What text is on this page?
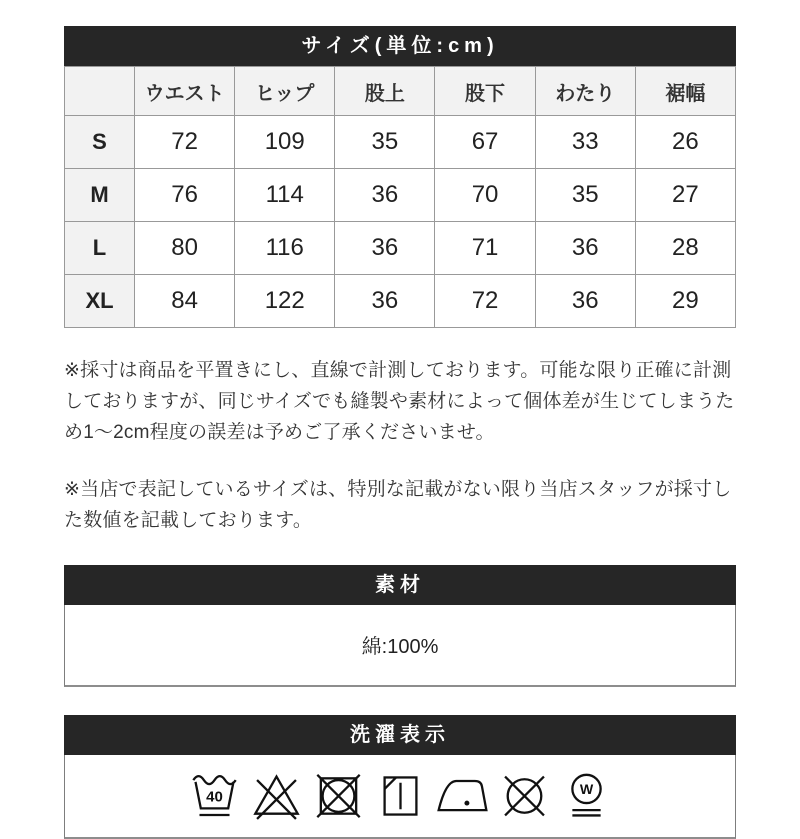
サイズ(単位:cm)
	ウエスト	ヒップ	股上	股下	わたり	裾幅
S	72	109	35	67	33	26
M	76	114	36	70	35	27
L	80	116	36	71	36	28
XL	84	122	36	72	36	29

※採寸は商品を平置きにし、直線で計測しております。可能な限り正確に計測しておりますが、同じサイズでも縫製や素材によって個体差が生じてしまうため1〜2cm程度の誤差は予めご了承くださいませ。

※当店で表記しているサイズは、特別な記載がない限り当店スタッフが採寸した数値を記載しております。

素材
綿:100%
洗濯表示
40	W
